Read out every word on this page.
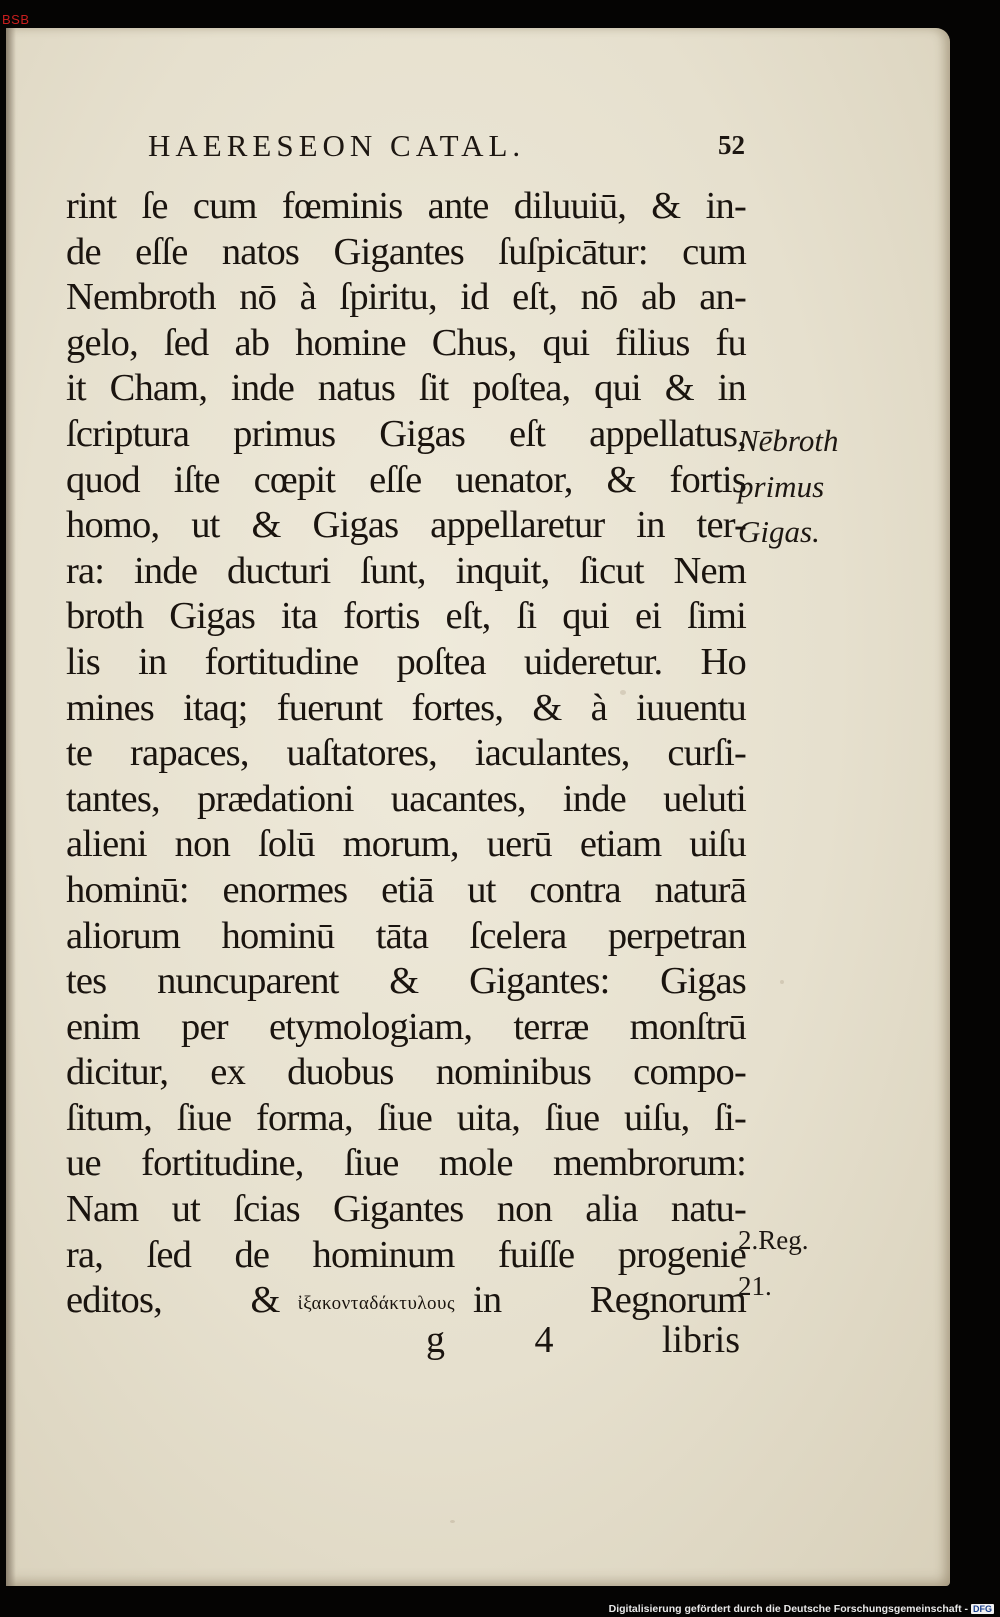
BSB
HAERESEON CATAL.	52
rint ſe cum fœminis ante diluuiū, & in-
de eſſe natos Gigantes ſuſpicātur: cum
Nembroth nō à ſpiritu, id eſt, nō ab an-
gelo, ſed ab homine Chus, qui filius fu
it Cham, inde natus ſit poſtea, qui & in
ſcriptura primus Gigas eſt appellatus,
quod iſte cœpit eſſe uenator, & fortis
homo, ut & Gigas appellaretur in ter-
ra: inde ducturi ſunt, inquit, ſicut Nem
broth Gigas ita fortis eſt, ſi qui ei ſimi
lis in fortitudine poſtea uideretur. Ho
mines itaq; fuerunt fortes, & à iuuentu
te rapaces, uaſtatores, iaculantes, curſi-
tantes, prædationi uacantes, inde ueluti
alieni non ſolū morum, uerū etiam uiſu
hominū: enormes etiā ut contra naturā
aliorum hominū tāta ſcelera perpetran
tes nuncuparent & Gigantes: Gigas
enim per etymologiam, terræ monſtrū
dicitur, ex duobus nominibus compo-
ſitum, ſiue forma, ſiue uita, ſiue uiſu, ſi-
ue fortitudine, ſiue mole membrorum:
Nam ut ſcias Gigantes non alia natu-
ra, ſed de hominum fuiſſe progenie
editos, & ἰξακονταδάκτυλους in Regnorum
Nēbroth
primus
Gigas.
2.Reg.
21.
g 4 libris
Digitalisierung gefördert durch die Deutsche Forschungsgemeinschaft - DFG
